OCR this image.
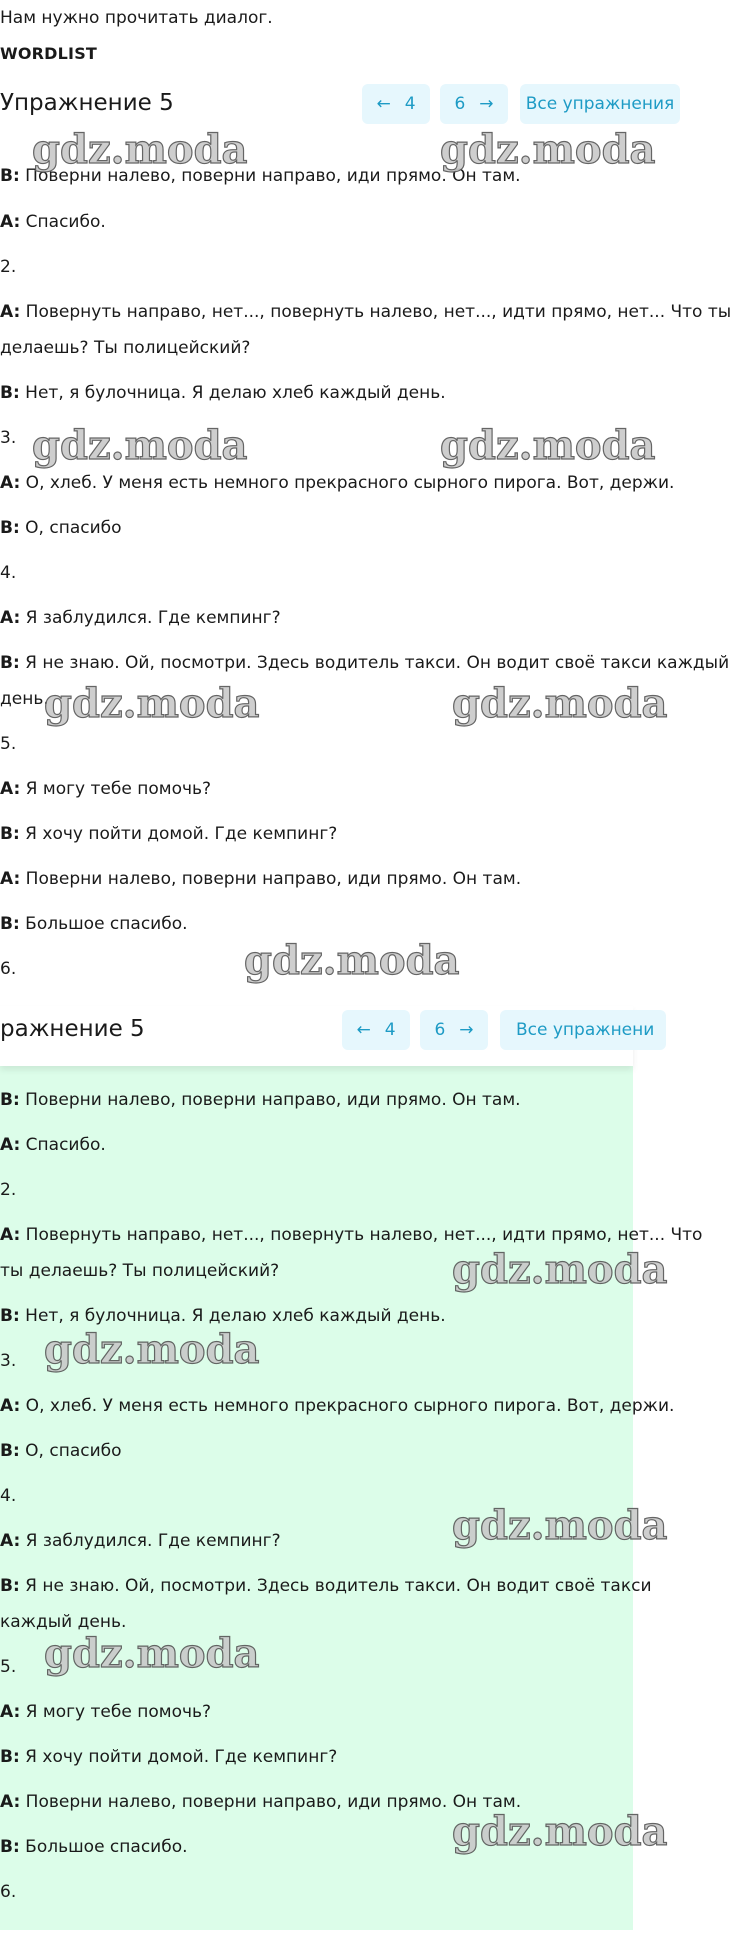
Нам нужно прочитать диалог.
WORDLIST
Упражнение 5	← 4 6 → Все упражнения
B: Поверни налево, поверни направо, иди прямо. Он там.
A: Спасибо.
2.
A: Повернуть направо, нет..., повернуть налево, нет..., идти прямо, нет... Что ты
делаешь? Ты полицейский?
B: Нет, я булочница. Я делаю хлеб каждый день.
3.
A: О, хлеб. У меня есть немного прекрасного сырного пирога. Вот, держи.
B: О, спасибо
4.
A: Я заблудился. Где кемпинг?
B: Я не знаю. Ой, посмотри. Здесь водитель такси. Он водит своё такси каждый
день.
5.
A: Я могу тебе помочь?
B: Я хочу пойти домой. Где кемпинг?
A: Поверни налево, поверни направо, иди прямо. Он там.
B: Большое спасибо.
6.
ражнение 5	← 4 6 → Все упражнени
B: Поверни налево, поверни направо, иди прямо. Он там.
A: Спасибо.
2.
A: Повернуть направо, нет..., повернуть налево, нет..., идти прямо, нет... Что
ты делаешь? Ты полицейский?
B: Нет, я булочница. Я делаю хлеб каждый день.
3.
A: О, хлеб. У меня есть немного прекрасного сырного пирога. Вот, держи.
B: О, спасибо
4.
A: Я заблудился. Где кемпинг?
B: Я не знаю. Ой, посмотри. Здесь водитель такси. Он водит своё такси
каждый день.
5.
A: Я могу тебе помочь?
B: Я хочу пойти домой. Где кемпинг?
A: Поверни налево, поверни направо, иди прямо. Он там.
B: Большое спасибо.
6.
gdz.moda	gdz.moda
gdz.moda	gdz.moda
gdz.moda	gdz.moda
gdz.moda
gdz.moda
gdz.moda
gdz.moda
gdz.moda
gdz.moda
